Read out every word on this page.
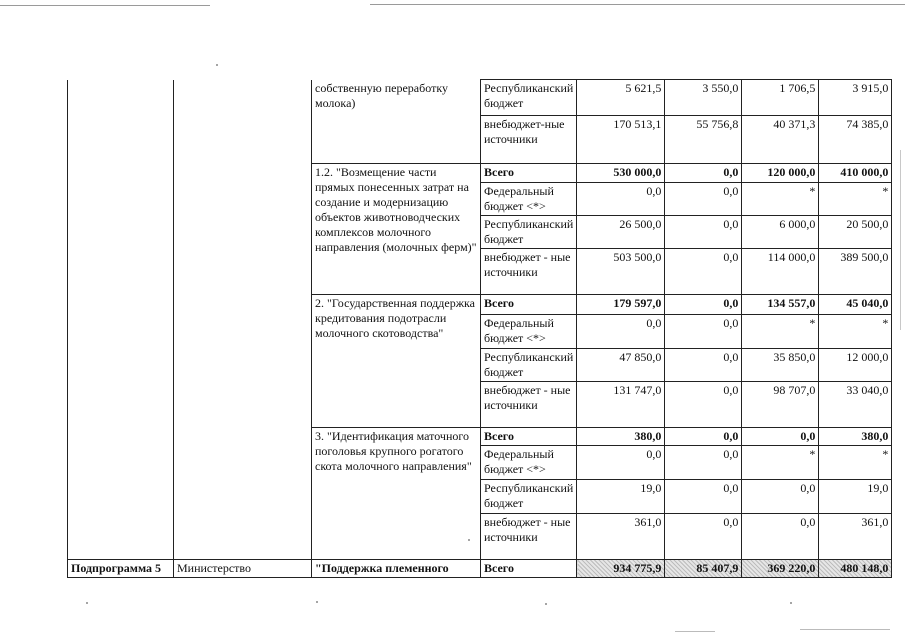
		собственную переработку молока)	Республиканский бюджет	5 621,5	3 550,0	1 706,5	3 915,0
			внебюджет-ные источники	170 513,1	55 756,8	40 371,3	74 385,0
		1.2. "Возмещение части прямых понесенных затрат на создание и модернизацию объектов животноводческих комплексов молочного направления (молочных ферм)"	Всего	530 000,0	0,0	120 000,0	410 000,0
			Федеральный бюджет <*>	0,0	0,0	*	*
			Республиканский бюджет	26 500,0	0,0	6 000,0	20 500,0
			внебюджет - ные источники	503 500,0	0,0	114 000,0	389 500,0
		2. "Государственная поддержка кредитования подотрасли молочного скотоводства"	Всего	179 597,0	0,0	134 557,0	45 040,0
			Федеральный бюджет <*>	0,0	0,0	*	*
			Республиканский бюджет	47 850,0	0,0	35 850,0	12 000,0
			внебюджет - ные источники	131 747,0	0,0	98 707,0	33 040,0
		3. "Идентификация маточного поголовья крупного рогатого скота молочного направления"	Всего	380,0	0,0	0,0	380,0
			Федеральный бюджет <*>	0,0	0,0	*	*
			Республиканский бюджет	19,0	0,0	0,0	19,0
			внебюджет - ные источники	361,0	0,0	0,0	361,0
Подпрограмма 5	Министерство	"Поддержка племенного	Всего	934 775,9	85 407,9	369 220,0	480 148,0
